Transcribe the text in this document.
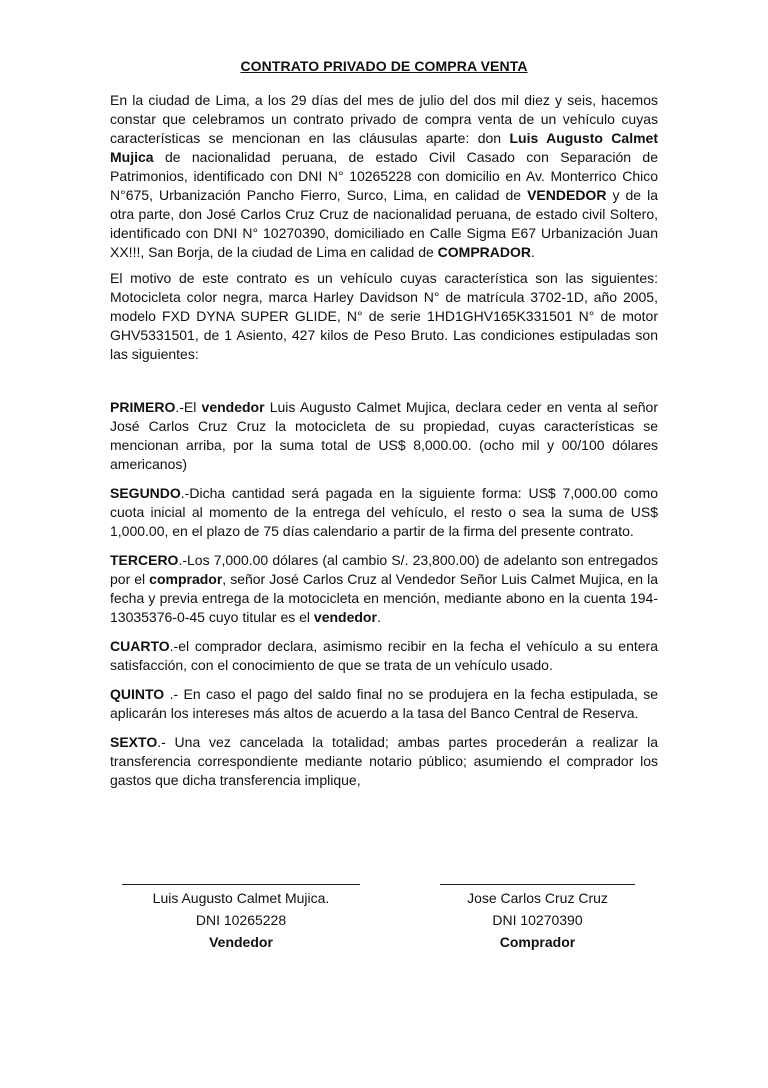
CONTRATO PRIVADO DE COMPRA VENTA

En la ciudad de Lima, a los 29 días del mes de julio del dos mil diez y seis, hacemos constar que celebramos un contrato privado de compra venta de un vehículo cuyas características se mencionan en las cláusulas aparte: don Luis Augusto Calmet Mujica de nacionalidad peruana, de estado Civil Casado con Separación de Patrimonios, identificado con DNI N° 10265228 con domicilio en Av. Monterrico Chico N°675, Urbanización Pancho Fierro, Surco, Lima, en calidad de VENDEDOR y de la otra parte, don José Carlos Cruz Cruz de nacionalidad peruana, de estado civil Soltero, identificado con DNI N° 10270390, domiciliado en Calle Sigma E67 Urbanización Juan XX!!!, San Borja, de la ciudad de Lima en calidad de COMPRADOR.

El motivo de este contrato es un vehículo cuyas característica son las siguientes: Motocicleta color negra, marca Harley Davidson N° de matrícula 3702-1D, año 2005, modelo FXD DYNA SUPER GLIDE, N° de serie 1HD1GHV165K331501 N° de motor GHV5331501, de 1 Asiento, 427 kilos de Peso Bruto. Las condiciones estipuladas son las siguientes:

PRIMERO.-El vendedor Luis Augusto Calmet Mujica, declara ceder en venta al señor José Carlos Cruz Cruz la motocicleta de su propiedad, cuyas características se mencionan arriba, por la suma total de US$ 8,000.00. (ocho mil y 00/100 dólares americanos)

SEGUNDO.-Dicha cantidad será pagada en la siguiente forma: US$ 7,000.00 como cuota inicial al momento de la entrega del vehículo, el resto o sea la suma de US$ 1,000.00, en el plazo de 75 días calendario a partir de la firma del presente contrato.

TERCERO.-Los 7,000.00 dólares (al cambio S/. 23,800.00) de adelanto son entregados por el comprador, señor José Carlos Cruz al Vendedor Señor Luis Calmet Mujica, en la fecha y previa entrega de la motocicleta en mención, mediante abono en la cuenta 194-13035376-0-45 cuyo titular es el vendedor.

CUARTO.-el comprador declara, asimismo recibir en la fecha el vehículo a su entera satisfacción, con el conocimiento de que se trata de un vehículo usado.

QUINTO .- En caso el pago del saldo final no se produjera en la fecha estipulada, se aplicarán los intereses más altos de acuerdo a la tasa del Banco Central de Reserva.

SEXTO.- Una vez cancelada la totalidad; ambas partes procederán a realizar la transferencia correspondiente mediante notario público; asumiendo el comprador los gastos que dicha transferencia implique,

Luis Augusto Calmet Mujica.
DNI 10265228
Vendedor
Jose Carlos Cruz Cruz
DNI 10270390
Comprador
